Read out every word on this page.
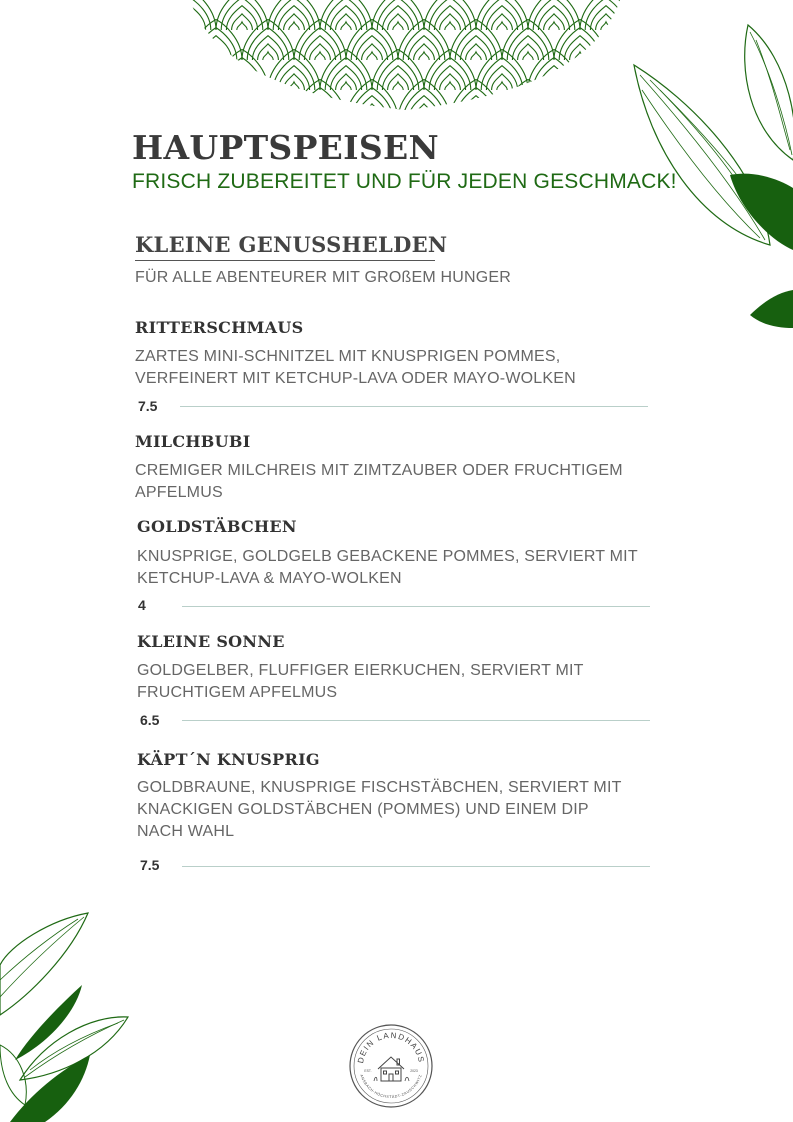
HAUPTSPEISEN
FRISCH ZUBEREITET UND FÜR JEDEN GESCHMACK!
KLEINE GENUSSHELDEN
FÜR ALLE ABENTEURER MIT GROßEM HUNGER
RITTERSCHMAUS
ZARTES MINI-SCHNITZEL MIT KNUSPRIGEN POMMES,
VERFEINERT MIT KETCHUP-LAVA ODER MAYO-WOLKEN
7.5
MILCHBUBI
CREMIGER MILCHREIS MIT ZIMTZAUBER ODER FRUCHTIGEM
APFELMUS
GOLDSTÄBCHEN
KNUSPRIGE, GOLDGELB GEBACKENE POMMES, SERVIERT MIT
KETCHUP-LAVA & MAYO-WOLKEN
4
KLEINE SONNE
GOLDGELBER, FLUFFIGER EIERKUCHEN, SERVIERT MIT
FRUCHTIGEM APFELMUS
6.5
KÄPT´N KNUSPRIG
GOLDBRAUNE, KNUSPRIGE FISCHSTÄBCHEN, SERVIERT MIT
KNACKIGEN GOLDSTÄBCHEN (POMMES) UND EINEM DIP
NACH WAHL
7.5
DEIN LANDHAUS
ANSBACH-HÖCHSTÄDT-ZAUSCHWITZ
EST.	2023
